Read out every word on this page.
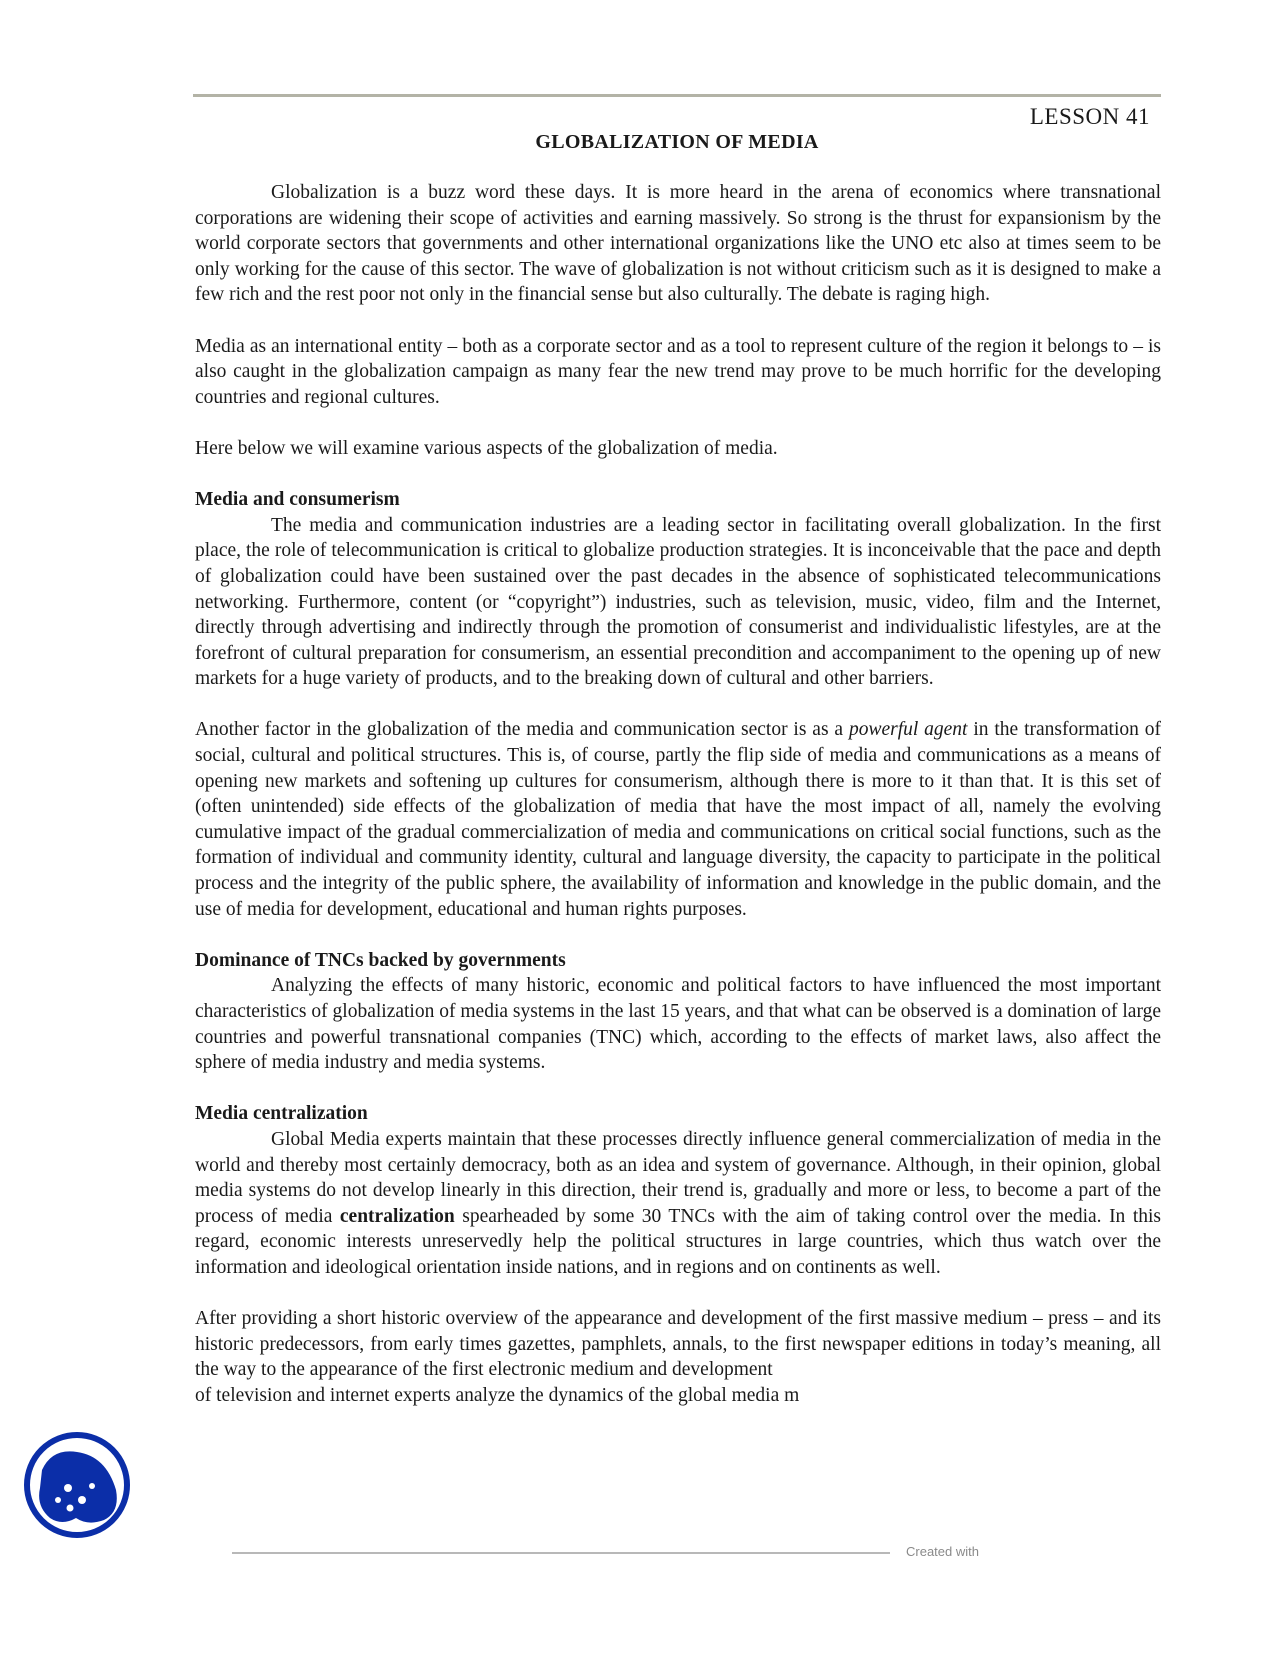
LESSON 41
GLOBALIZATION OF MEDIA

Globalization is a buzz word these days. It is more heard in the arena of economics where transnational corporations are widening their scope of activities and earning massively. So strong is the thrust for expansionism by the world corporate sectors that governments and other international organizations like the UNO etc also at times seem to be only working for the cause of this sector. The wave of globalization is not without criticism such as it is designed to make a few rich and the rest poor not only in the financial sense but also culturally. The debate is raging high.

Media as an international entity – both as a corporate sector and as a tool to represent culture of the region it belongs to – is also caught in the globalization campaign as many fear the new trend may prove to be much horrific for the developing countries and regional cultures.

Here below we will examine various aspects of the globalization of media.

Media and consumerism

The media and communication industries are a leading sector in facilitating overall globalization. In the first place, the role of telecommunication is critical to globalize production strategies. It is inconceivable that the pace and depth of globalization could have been sustained over the past decades in the absence of sophisticated telecommunications networking. Furthermore, content (or “copyright”) industries, such as television, music, video, film and the Internet, directly through advertising and indirectly through the promotion of consumerist and individualistic lifestyles, are at the forefront of cultural preparation for consumerism, an essential precondition and accompaniment to the opening up of new markets for a huge variety of products, and to the breaking down of cultural and other barriers.

Another factor in the globalization of the media and communication sector is as a powerful agent in the transformation of social, cultural and political structures. This is, of course, partly the flip side of media and communications as a means of opening new markets and softening up cultures for consumerism, although there is more to it than that. It is this set of (often unintended) side effects of the globalization of media that have the most impact of all, namely the evolving cumulative impact of the gradual commercialization of media and communications on critical social functions, such as the formation of individual and community identity, cultural and language diversity, the capacity to participate in the political process and the integrity of the public sphere, the availability of information and knowledge in the public domain, and the use of media for development, educational and human rights purposes.

Dominance of TNCs backed by governments

Analyzing the effects of many historic, economic and political factors to have influenced the most important characteristics of globalization of media systems in the last 15 years, and that what can be observed is a domination of large countries and powerful transnational companies (TNC) which, according to the effects of market laws, also affect the sphere of media industry and media systems.

Media centralization

Global Media experts maintain that these processes directly influence general commercialization of media in the world and thereby most certainly democracy, both as an idea and system of governance. Although, in their opinion, global media systems do not develop linearly in this direction, their trend is, gradually and more or less, to become a part of the process of media centralization spearheaded by some 30 TNCs with the aim of taking control over the media. In this regard, economic interests unreservedly help the political structures in large countries, which thus watch over the information and ideological orientation inside nations, and in regions and on continents as well.

After providing a short historic overview of the appearance and development of the first massive medium – press – and its historic predecessors, from early times gazettes, pamphlets, annals, to the first newspaper editions in today’s meaning, all the way to the appearance of the first electronic medium and development

of television and internet experts analyze the dynamics of the global media m

Created with
